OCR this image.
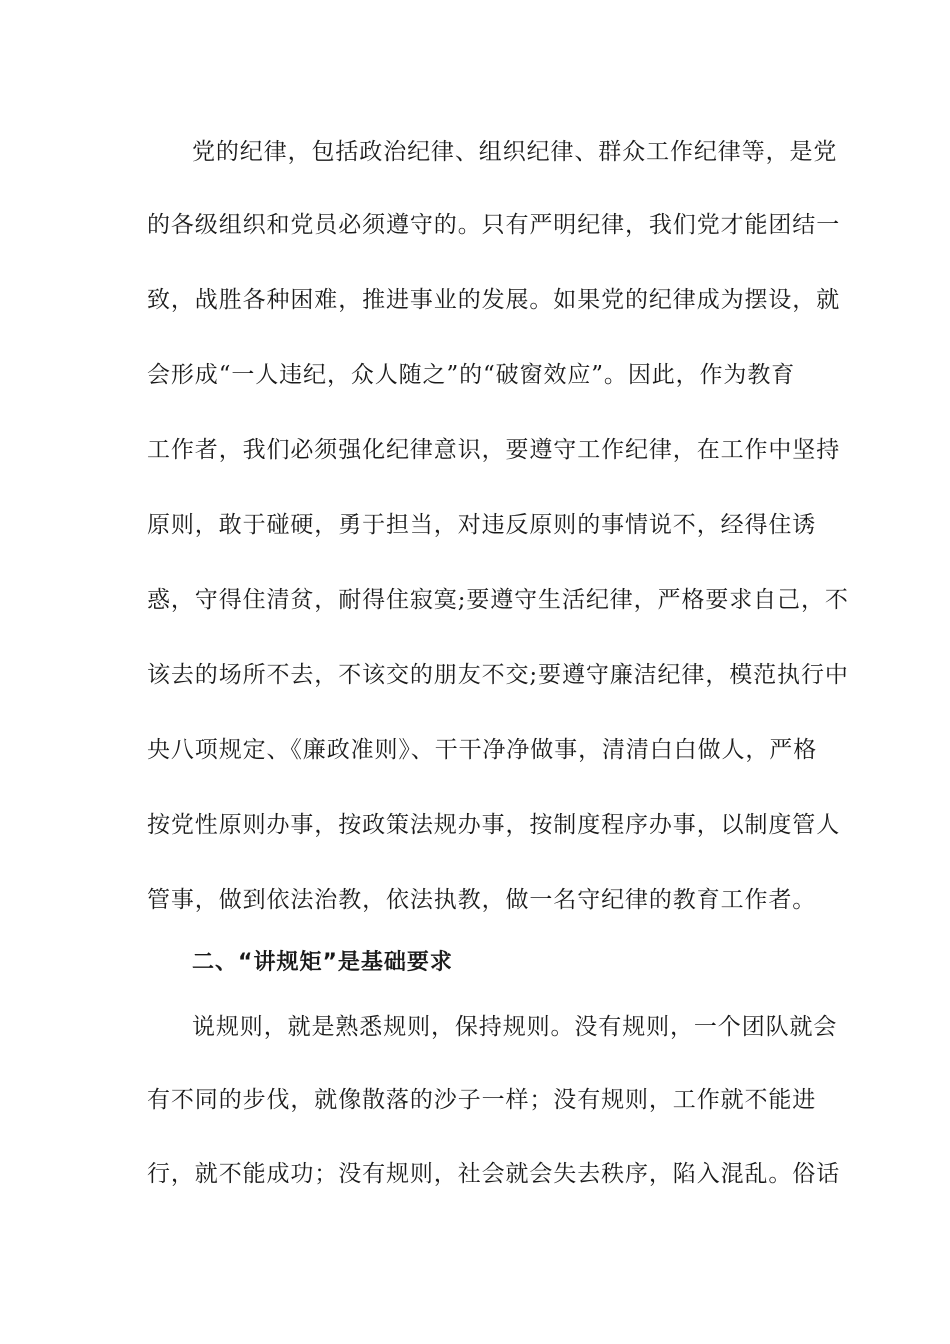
党的纪律，包括政治纪律、组织纪律、群众工作纪律等，是党
的各级组织和党员必须遵守的。只有严明纪律，我们党才能团结一
致，战胜各种困难，推进事业的发展。如果党的纪律成为摆设，就
会形成“一人违纪，众人随之”的“破窗效应”。因此，作为教育
工作者，我们必须强化纪律意识，要遵守工作纪律，在工作中坚持
原则，敢于碰硬，勇于担当，对违反原则的事情说不，经得住诱
惑，守得住清贫，耐得住寂寞;要遵守生活纪律，严格要求自己，不
该去的场所不去，不该交的朋友不交;要遵守廉洁纪律，模范执行中
央八项规定、《廉政准则》、干干净净做事，清清白白做人，严格
按党性原则办事，按政策法规办事，按制度程序办事，以制度管人
管事，做到依法治教，依法执教，做一名守纪律的教育工作者。
二、“讲规矩”是基础要求
说规则，就是熟悉规则，保持规则。没有规则，一个团队就会
有不同的步伐，就像散落的沙子一样；没有规则，工作就不能进
行，就不能成功；没有规则，社会就会失去秩序，陷入混乱。俗话
